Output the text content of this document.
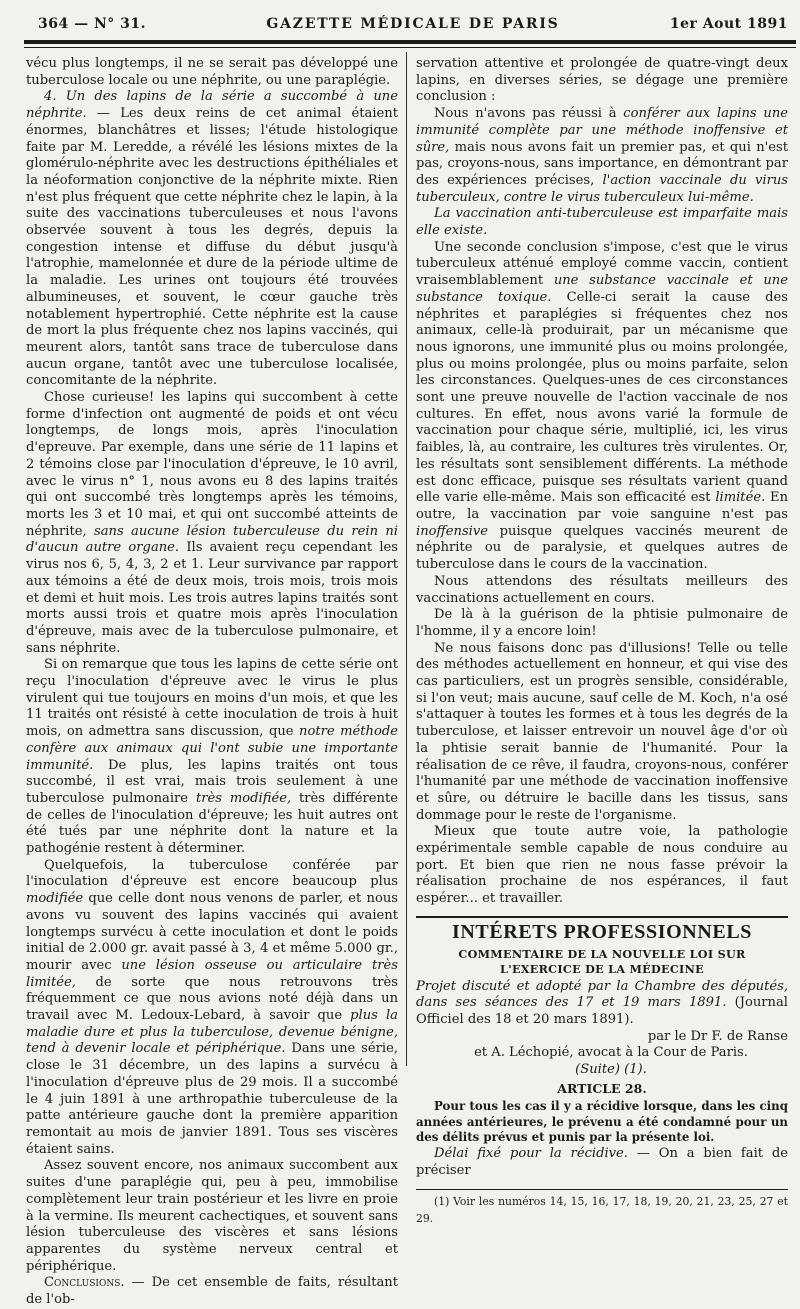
364 — N° 31.	GAZETTE MÉDICALE DE PARIS	1er Aout 1891

vécu plus longtemps, il ne se serait pas développé une tuberculose locale ou une néphrite, ou une paraplégie.

4. Un des lapins de la série a succombé à une néphrite. — Les deux reins de cet animal étaient énormes, blanchâtres et lisses; l'étude histologique faite par M. Leredde, a révélé les lésions mixtes de la glomérulo-néphrite avec les destructions épithéliales et la néoformation conjonctive de la néphrite mixte. Rien n'est plus fréquent que cette néphrite chez le lapin, à la suite des vaccinations tuberculeuses et nous l'avons observée souvent à tous les degrés, depuis la congestion intense et diffuse du début jusqu'à l'atrophie, mamelonnée et dure de la période ultime de la maladie. Les urines ont toujours été trouvées albumineuses, et souvent, le cœur gauche très notablement hypertrophié. Cette néphrite est la cause de mort la plus fréquente chez nos lapins vaccinés, qui meurent alors, tantôt sans trace de tuberculose dans aucun organe, tantôt avec une tuberculose localisée, concomitante de la néphrite.

Chose curieuse! les lapins qui succombent à cette forme d'infection ont augmenté de poids et ont vécu longtemps, de longs mois, après l'inoculation d'epreuve. Par exemple, dans une série de 11 lapins et 2 témoins close par l'inoculation d'épreuve, le 10 avril, avec le virus n° 1, nous avons eu 8 des lapins traités qui ont succombé très longtemps après les témoins, morts les 3 et 10 mai, et qui ont succombé atteints de néphrite, sans aucune lésion tuberculeuse du rein ni d'aucun autre organe. Ils avaient reçu cependant les virus nos 6, 5, 4, 3, 2 et 1. Leur survivance par rapport aux témoins a été de deux mois, trois mois, trois mois et demi et huit mois. Les trois autres lapins traités sont morts aussi trois et quatre mois après l'inoculation d'épreuve, mais avec de la tuberculose pulmonaire, et sans néphrite.

Si on remarque que tous les lapins de cette série ont reçu l'inoculation d'épreuve avec le virus le plus virulent qui tue toujours en moins d'un mois, et que les 11 traités ont résisté à cette inoculation de trois à huit mois, on admettra sans discussion, que notre méthode confère aux animaux qui l'ont subie une importante immunité. De plus, les lapins traités ont tous succombé, il est vrai, mais trois seulement à une tuberculose pulmonaire très modifiée, très différente de celles de l'inoculation d'épreuve; les huit autres ont été tués par une néphrite dont la nature et la pathogénie restent à déterminer.

Quelquefois, la tuberculose conférée par l'inoculation d'épreuve est encore beaucoup plus modifiée que celle dont nous venons de parler, et nous avons vu souvent des lapins vaccinés qui avaient longtemps survécu à cette inoculation et dont le poids initial de 2.000 gr. avait passé à 3, 4 et même 5.000 gr., mourir avec une lésion osseuse ou articulaire très limitée, de sorte que nous retrouvons très fréquemment ce que nous avions noté déjà dans un travail avec M. Ledoux-Lebard, à savoir que plus la maladie dure et plus la tuberculose, devenue bénigne, tend à devenir locale et périphérique. Dans une série, close le 31 décembre, un des lapins a survécu à l'inoculation d'épreuve plus de 29 mois. Il a succombé le 4 juin 1891 à une arthropathie tuberculeuse de la patte antérieure gauche dont la première apparition remontait au mois de janvier 1891. Tous ses viscères étaient sains.

Assez souvent encore, nos animaux succombent aux suites d'une paraplégie qui, peu à peu, immobilise complètement leur train postérieur et les livre en proie à la vermine. Ils meurent cachectiques, et souvent sans lésion tuberculeuse des viscères et sans lésions apparentes du système nerveux central et périphérique.

Conclusions. — De cet ensemble de faits, résultant de l'ob-

servation attentive et prolongée de quatre-vingt deux lapins, en diverses séries, se dégage une première conclusion :

Nous n'avons pas réussi à conférer aux lapins une immunité complète par une méthode inoffensive et sûre, mais nous avons fait un premier pas, et qui n'est pas, croyons-nous, sans importance, en démontrant par des expériences précises, l'action vaccinale du virus tuberculeux, contre le virus tuberculeux lui-même.

La vaccination anti-tuberculeuse est imparfaite mais elle existe.

Une seconde conclusion s'impose, c'est que le virus tuberculeux atténué employé comme vaccin, contient vraisemblablement une substance vaccinale et une substance toxique. Celle-ci serait la cause des néphrites et paraplégies si fréquentes chez nos animaux, celle-là produirait, par un mécanisme que nous ignorons, une immunité plus ou moins prolongée, plus ou moins prolongée, plus ou moins parfaite, selon les circonstances. Quelques-unes de ces circonstances sont une preuve nouvelle de l'action vaccinale de nos cultures. En effet, nous avons varié la formule de vaccination pour chaque série, multiplié, ici, les virus faibles, là, au contraire, les cultures très virulentes. Or, les résultats sont sensiblement différents. La méthode est donc efficace, puisque ses résultats varient quand elle varie elle-même. Mais son efficacité est limitée. En outre, la vaccination par voie sanguine n'est pas inoffensive puisque quelques vaccinés meurent de néphrite ou de paralysie, et quelques autres de tuberculose dans le cours de la vaccination.

Nous attendons des résultats meilleurs des vaccinations actuellement en cours.

De là à la guérison de la phtisie pulmonaire de l'homme, il y a encore loin!

Ne nous faisons donc pas d'illusions! Telle ou telle des méthodes actuellement en honneur, et qui vise des cas particuliers, est un progrès sensible, considérable, si l'on veut; mais aucune, sauf celle de M. Koch, n'a osé s'attaquer à toutes les formes et à tous les degrés de la tuberculose, et laisser entrevoir un nouvel âge d'or où la phtisie serait bannie de l'humanité. Pour la réalisation de ce rêve, il faudra, croyons-nous, conférer l'humanité par une méthode de vaccination inoffensive et sûre, ou détruire le bacille dans les tissus, sans dommage pour le reste de l'organisme.

Mieux que toute autre voie, la pathologie expérimentale semble capable de nous conduire au port. Et bien que rien ne nous fasse prévoir la réalisation prochaine de nos espérances, il faut espérer... et travailler.

INTÉRETS PROFESSIONNELS
COMMENTAIRE DE LA NOUVELLE LOI SUR L'EXERCICE DE LA MÉDECINE

Projet discuté et adopté par la Chambre des députés, dans ses séances des 17 et 19 mars 1891. (Journal Officiel des 18 et 20 mars 1891).

par le Dr F. de Ranse

et A. Léchopié, avocat à la Cour de Paris.

(Suite) (1).

ARTICLE 28.

Pour tous les cas il y a récidive lorsque, dans les cinq années antérieures, le prévenu a été condamné pour un des délits prévus et punis par la présente loi.

Délai fixé pour la récidive. — On a bien fait de préciser

(1) Voir les numéros 14, 15, 16, 17, 18, 19, 20, 21, 23, 25, 27 et 29.
